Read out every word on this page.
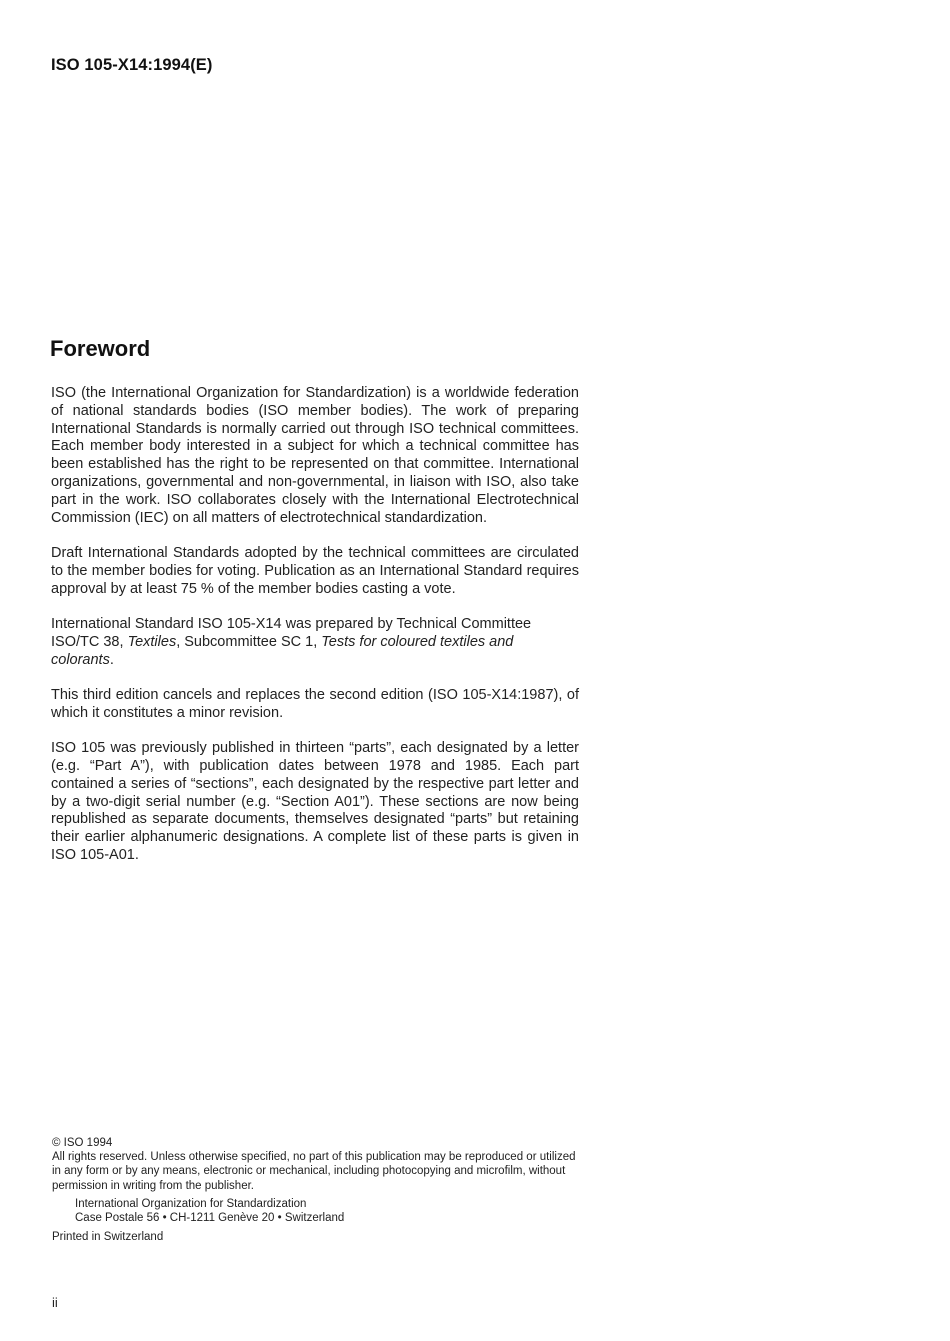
ISO 105-X14:1994(E)
Foreword

ISO (the International Organization for Standardization) is a worldwide federation of national standards bodies (ISO member bodies). The work of preparing International Standards is normally carried out through ISO technical committees. Each member body interested in a subject for which a technical committee has been established has the right to be represented on that committee. International organizations, governmental and non-governmental, in liaison with ISO, also take part in the work. ISO collaborates closely with the International Electrotechnical Commission (IEC) on all matters of electrotechnical standardization.

Draft International Standards adopted by the technical committees are circulated to the member bodies for voting. Publication as an International Standard requires approval by at least 75 % of the member bodies casting a vote.

International Standard ISO 105-X14 was prepared by Technical Committee ISO/TC 38, Textiles, Subcommittee SC 1, Tests for coloured textiles and colorants.

This third edition cancels and replaces the second edition (ISO 105-X14:1987), of which it constitutes a minor revision.

ISO 105 was previously published in thirteen “parts”, each designated by a letter (e.g. “Part A”), with publication dates between 1978 and 1985. Each part contained a series of “sections”, each designated by the respective part letter and by a two-digit serial number (e.g. “Section A01”). These sections are now being republished as separate documents, themselves designated “parts” but retaining their earlier alphanumeric designations. A complete list of these parts is given in ISO 105-A01.

© ISO 1994
All rights reserved. Unless otherwise specified, no part of this publication may be reproduced or utilized in any form or by any means, electronic or mechanical, including photocopying and microfilm, without permission in writing from the publisher.
International Organization for Standardization
Case Postale 56 • CH-1211 Genève 20 • Switzerland
Printed in Switzerland
ii
